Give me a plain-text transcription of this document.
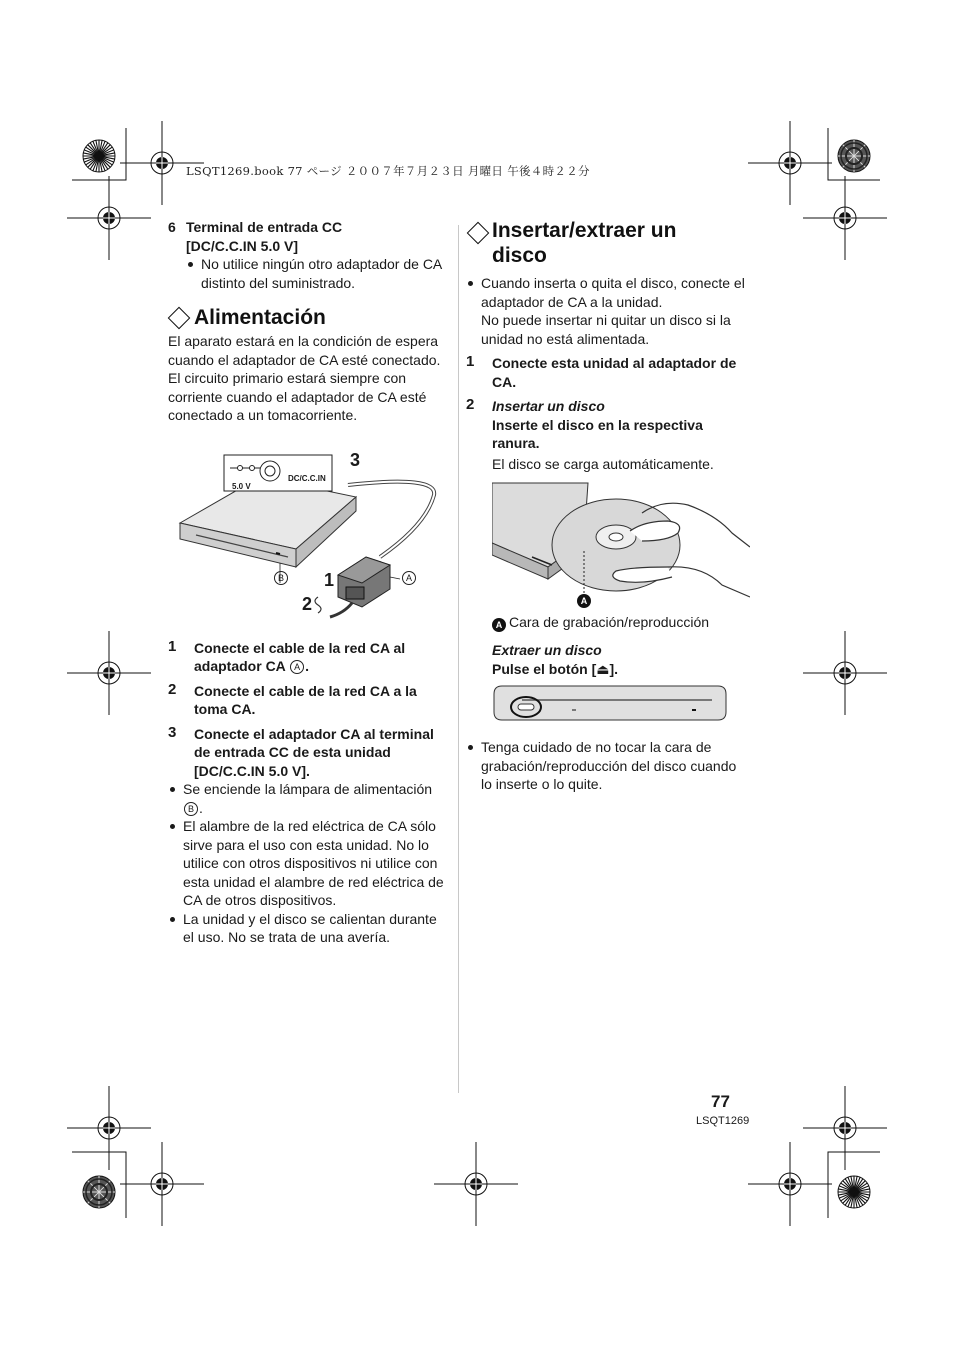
LSQT1269.book 77 ページ ２００７年７月２３日 月曜日 午後４時２２分
6 Terminal de entrada CC
[DC/C.C.IN 5.0 V]
No utilice ningún otro adaptador de CA distinto del suministrado.
Alimentación

El aparato estará en la condición de espera cuando el adaptador de CA esté conectado. El circuito primario estará siempre con corriente cuando el adaptador de CA esté conectado a un tomacorriente.

5.0 V
DC/C.C.IN
3
1
2
A
B
1 Conecte el cable de la red CA al adaptador CA A .
2 Conecte el cable de la red CA a la toma CA.
3 Conecte el adaptador CA al terminal de entrada CC de esta unidad [DC/C.C.IN 5.0 V].
Se enciende la lámpara de alimentación B .
El alambre de la red eléctrica de CA sólo sirve para el uso con esta unidad. No lo utilice con otros dispositivos ni utilice con esta unidad el alambre de red eléctrica de CA de otros dispositivos.
La unidad y el disco se calientan durante el uso. No se trata de una avería.
Insertar/extraer un
disco
Cuando inserta o quita el disco, conecte el adaptador de CA a la unidad.
No puede insertar ni quitar un disco si la unidad no está alimentada.
1 Conecte esta unidad al adaptador de CA.
2 Insertar un disco
Inserte el disco en la respectiva ranura.
El disco se carga automáticamente.
A
A Cara de grabación/reproducción
Extraer un disco
Pulse el botón [⏏].
Tenga cuidado de no tocar la cara de grabación/reproducción del disco cuando lo inserte o lo quite.
77
LSQT1269
